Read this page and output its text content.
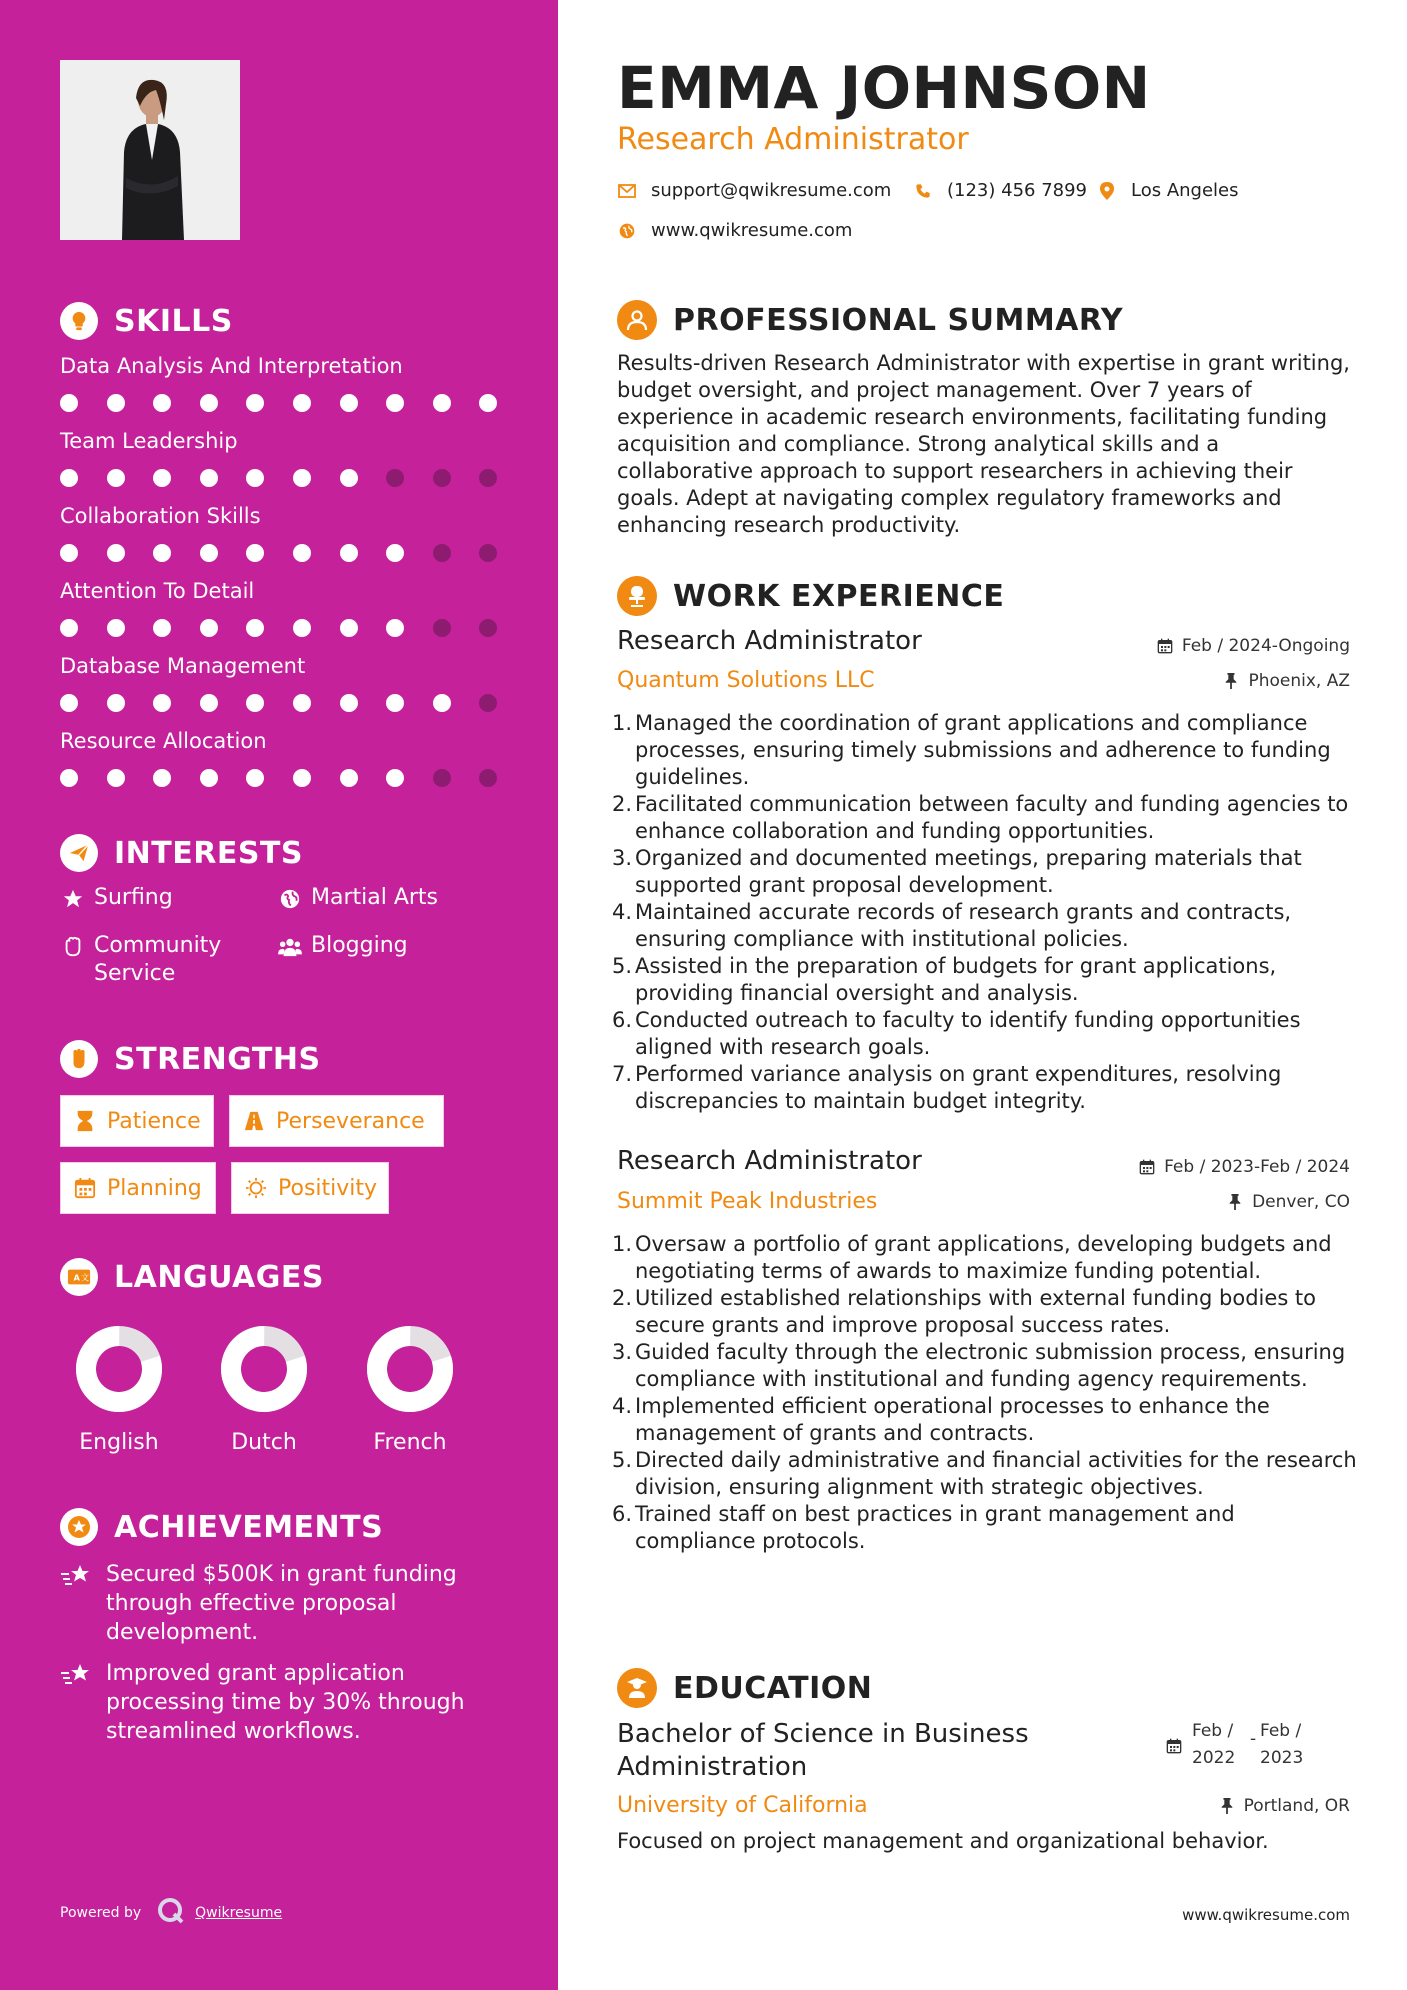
SKILLS
Data Analysis And Interpretation
Team Leadership
Collaboration Skills
Attention To Detail
Database Management
Resource Allocation
INTERESTS
Surfing	Martial Arts
Community
Service
Blogging
STRENGTHS
Patience	Perseverance
Planning	Positivity
A 文 LANGUAGES
English	Dutch	French
ACHIEVEMENTS
Secured $500K in grant funding through effective proposal development.
Improved grant application processing time by 30% through streamlined workflows.
Powered by	Qwikresume
EMMA JOHNSON
Research Administrator
support@qwikresume.com	(123) 456 7899 Los Angeles
www.qwikresume.com
PROFESSIONAL SUMMARY

Results-driven Research Administrator with expertise in grant writing, budget oversight, and project management. Over 7 years of experience in academic research environments, facilitating funding acquisition and compliance. Strong analytical skills and a collaborative approach to support researchers in achieving their goals. Adept at navigating complex regulatory frameworks and enhancing research productivity.

WORK EXPERIENCE
Research Administrator	Feb / 2024-Ongoing
Quantum Solutions LLC	Phoenix, AZ
1. Managed the coordination of grant applications and compliance processes, ensuring timely submissions and adherence to funding guidelines.
2. Facilitated communication between faculty and funding agencies to enhance collaboration and funding opportunities.
3. Organized and documented meetings, preparing materials that supported grant proposal development.
4. Maintained accurate records of research grants and contracts, ensuring compliance with institutional policies.
5. Assisted in the preparation of budgets for grant applications, providing financial oversight and analysis.
6. Conducted outreach to faculty to identify funding opportunities aligned with research goals.
7. Performed variance analysis on grant expenditures, resolving discrepancies to maintain budget integrity.
Research Administrator	Feb / 2023-Feb / 2024
Summit Peak Industries	Denver, CO
1. Oversaw a portfolio of grant applications, developing budgets and negotiating terms of awards to maximize funding potential.
2. Utilized established relationships with external funding bodies to secure grants and improve proposal success rates.
3. Guided faculty through the electronic submission process, ensuring compliance with institutional and funding agency requirements.
4. Implemented efficient operational processes to enhance the management of grants and contracts.
5. Directed daily administrative and financial activities for the research division, ensuring alignment with strategic objectives.
6. Trained staff on best practices in grant management and compliance protocols.
EDUCATION
Bachelor of Science in Business Administration
Feb /
2022
- Feb /
2023
University of California	Portland, OR
Focused on project management and organizational behavior.
www.qwikresume.com
